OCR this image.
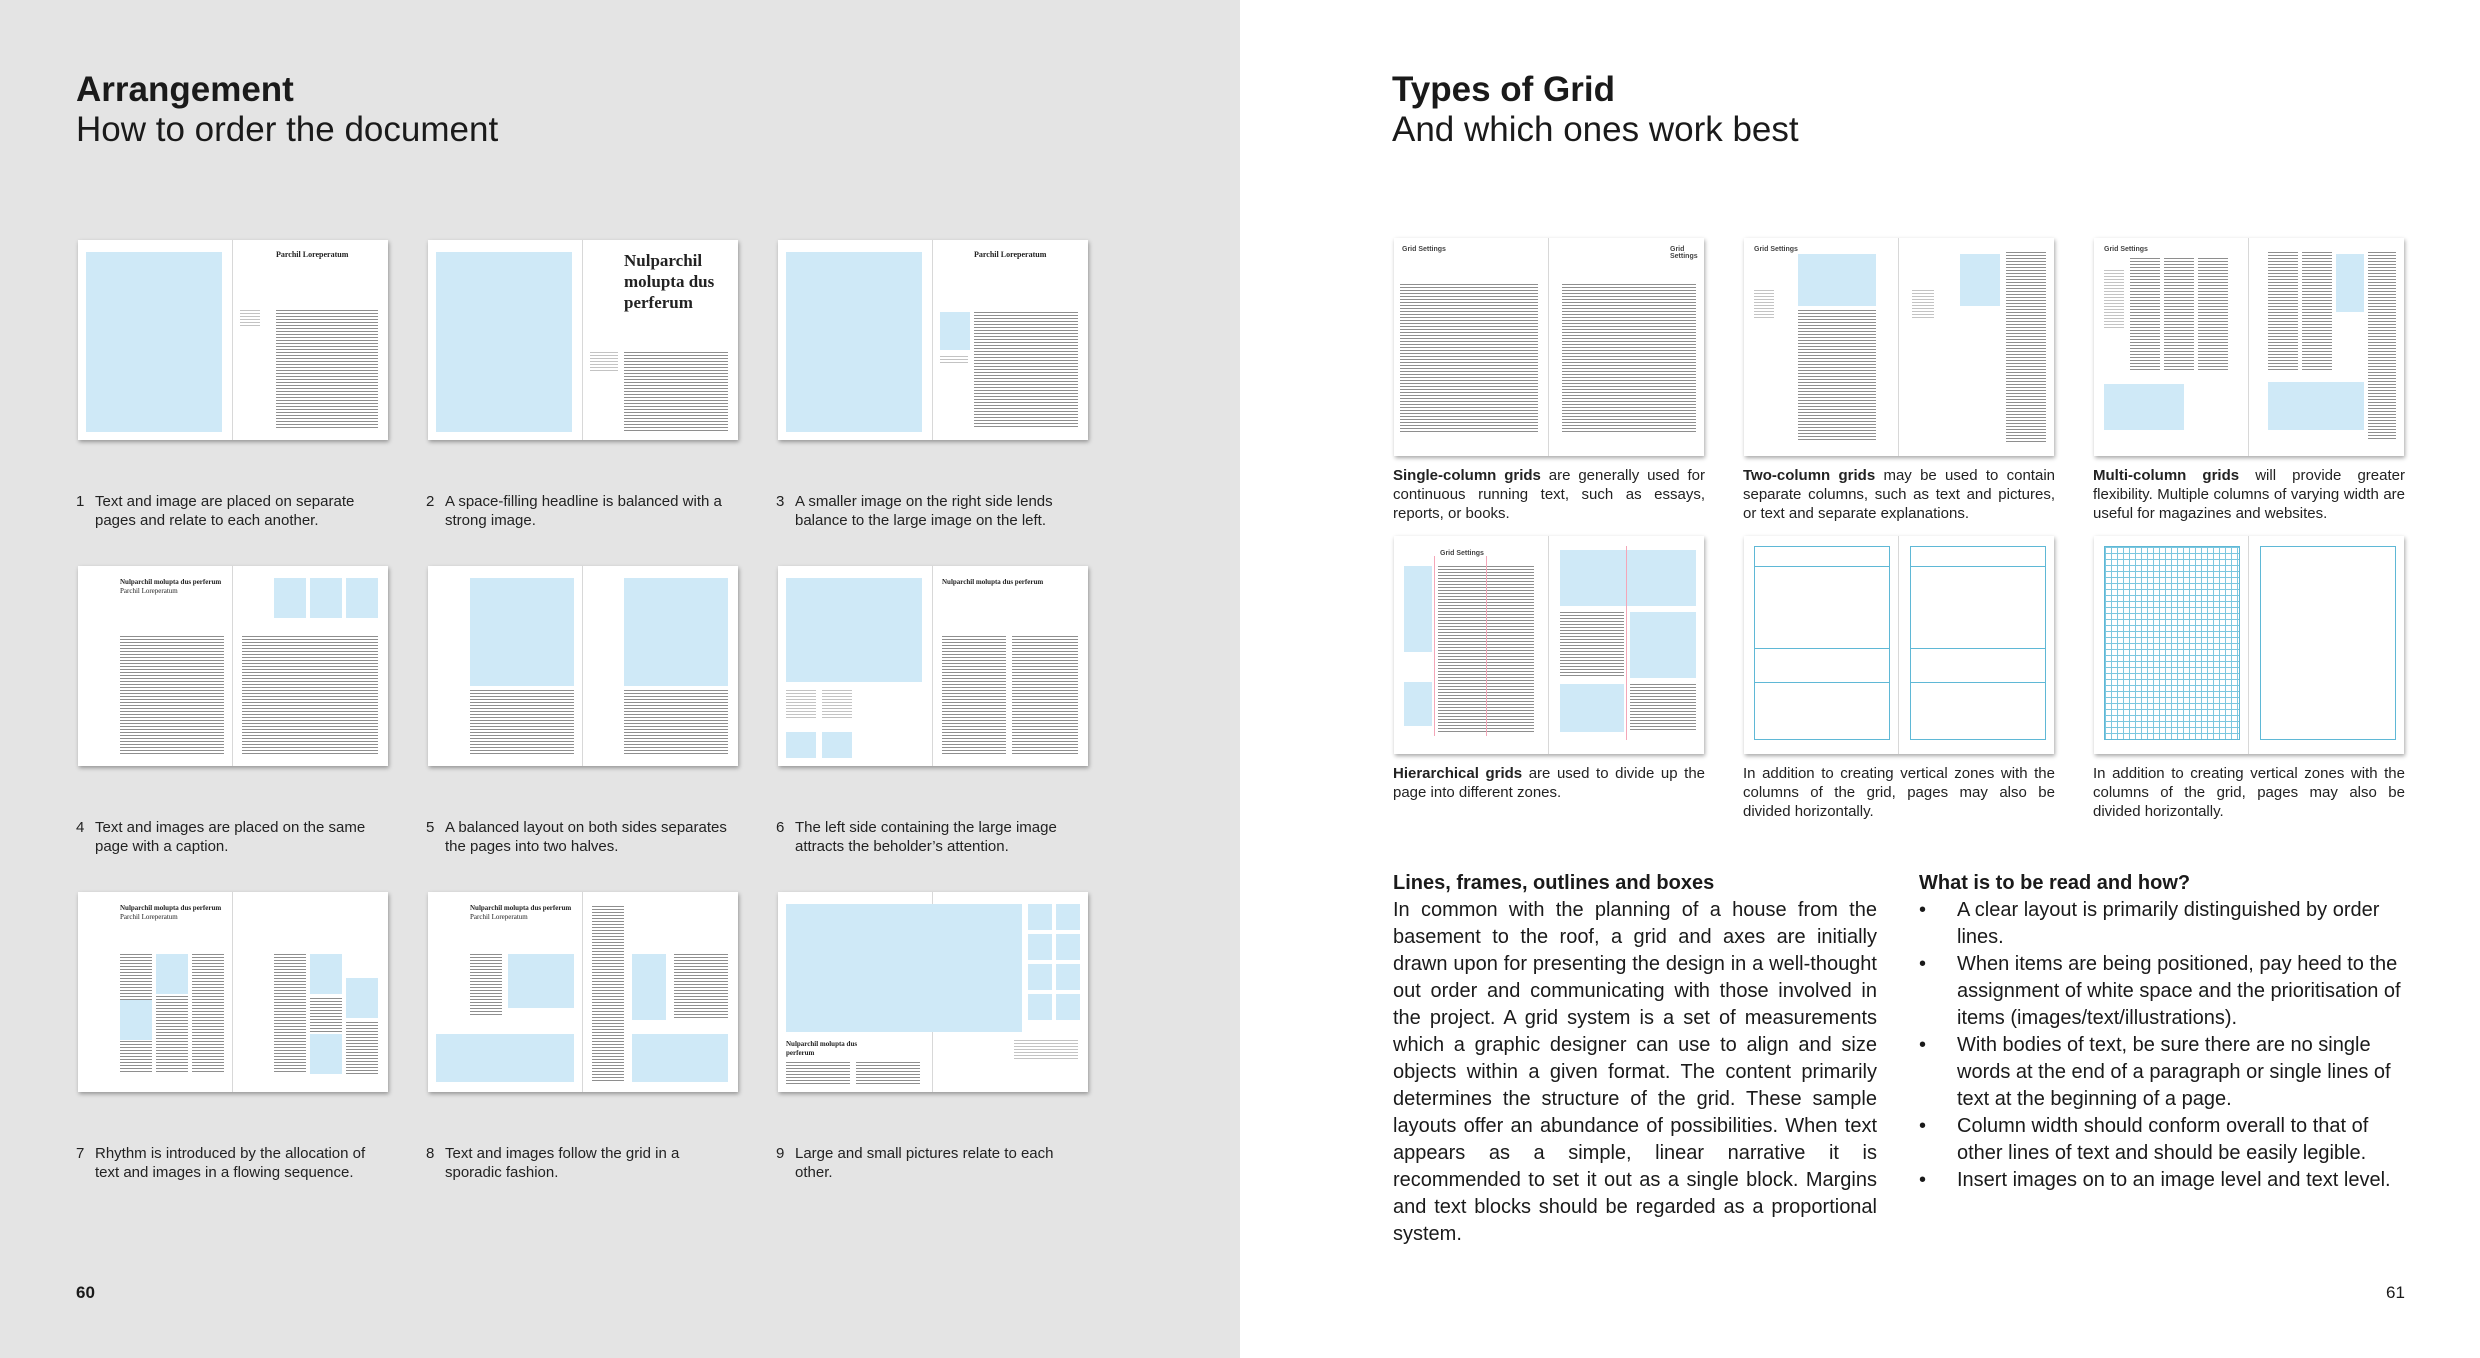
Arrangement
How to order the document
Parchil Loreperatum	Nulparchil molupta dus perferum
Parchil Loreperatum
1 Text and image are placed on separate pages and relate to each another.
2 A space-filling headline is balanced with a strong image.
3 A smaller image on the right side lends balance to the large image on the left.
Nulparchil molupta dus perferum
Parchil Loreperatum
Nulparchil molupta dus perferum
4 Text and images are placed on the same page with a caption.
5 A balanced layout on both sides separates the pages into two halves.
6 The left side containing the large image attracts the beholder’s attention.
Nulparchil molupta dus perferum
Parchil Loreperatum
Nulparchil molupta dus perferum
Parchil Loreperatum
Nulparchil molupta dus perferum
7 Rhythm is introduced by the allocation of text and images in a flowing sequence.
8 Text and images follow the grid in a sporadic fashion.
9 Large and small pictures relate to each other.
60
Types of Grid
And which ones work best
Grid Settings	Grid Settings
Grid Settings	Grid Settings
Single-column grids are generally used for continuous running text, such as essays, reports, or books.
Two-column grids may be used to contain separate columns, such as text and pictures, or text and separate explanations.
Multi-column grids will provide greater flexibility. Multiple columns of varying width are useful for magazines and websites.
Grid Settings
Hierarchical grids are used to divide up the page into different zones.
In addition to creating vertical zones with the columns of the grid, pages may also be divided horizontally.
In addition to creating vertical zones with the columns of the grid, pages may also be divided horizontally.
Lines, frames, outlines and boxes

In common with the planning of a house from the basement to the roof, a grid and axes are initially drawn upon for presenting the design in a well-thought out order and communicating with those involved in the project. A grid system is a set of measurements which a graphic designer can use to align and size objects within a given format. The content primarily determines the structure of the grid. These sample layouts offer an abundance of possibilities. When text appears as a simple, linear narrative it is recommended to set it out as a single block. Margins and text blocks should be regarded as a proportional system.

What is to be read and how?
• A clear layout is primarily distinguished by order lines.
• When items are being positioned, pay heed to the assignment of white space and the prioritisation of items (images/text/illustrations).
• With bodies of text, be sure there are no single words at the end of a paragraph or single lines of text at the beginning of a page.
• Column width should conform overall to that of other lines of text and should be easily legible.
• Insert images on to an image level and text level.
61
